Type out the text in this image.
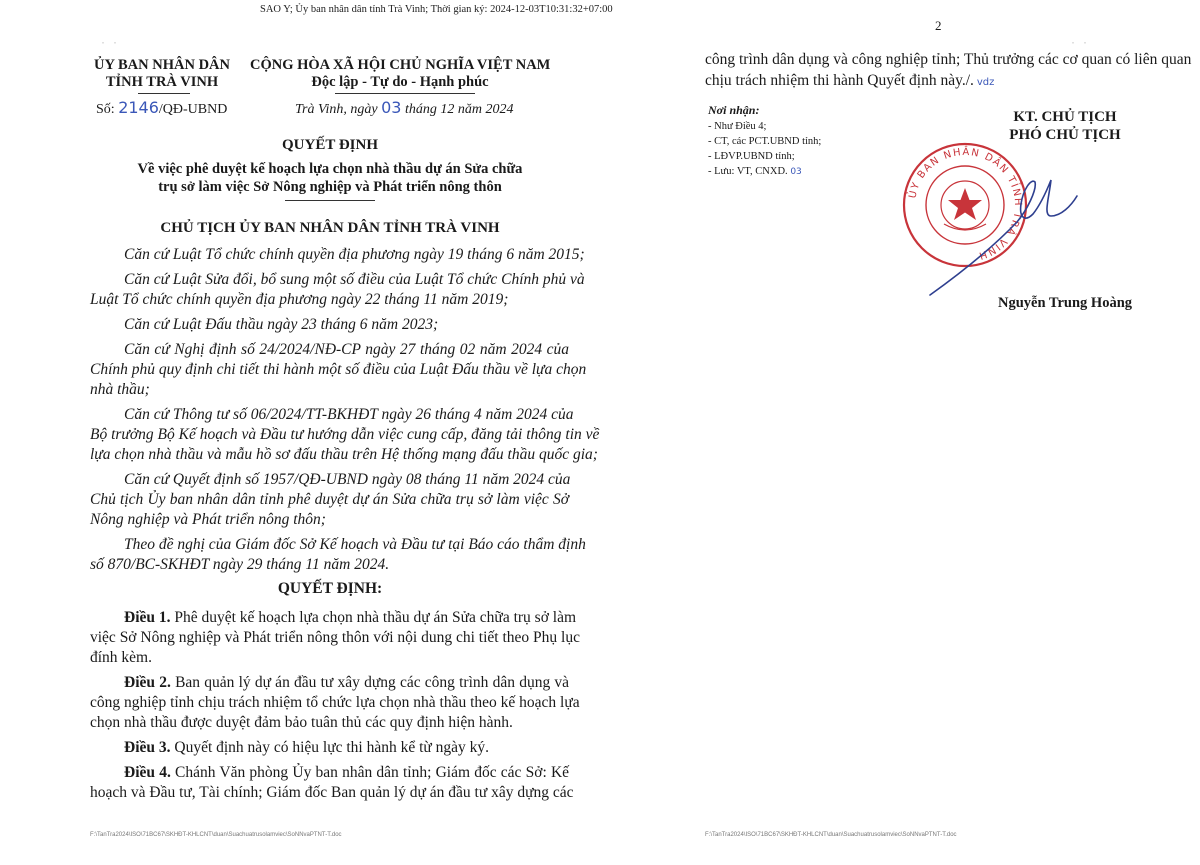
SAO Y; Ủy ban nhân dân tỉnh Trà Vinh; Thời gian ký: 2024-12-03T10:31:32+07:00
· ·	· ·
ỦY BAN NHÂN DÂN
TỈNH TRÀ VINH
Số: 2146/QĐ-UBND
CỘNG HÒA XÃ HỘI CHỦ NGHĨA VIỆT NAM
Độc lập - Tự do - Hạnh phúc
Trà Vinh, ngày 03 tháng 12 năm 2024
QUYẾT ĐỊNH
Về việc phê duyệt kế hoạch lựa chọn nhà thầu dự án Sửa chữa
trụ sở làm việc Sở Nông nghiệp và Phát triển nông thôn
CHỦ TỊCH ỦY BAN NHÂN DÂN TỈNH TRÀ VINH
Căn cứ Luật Tổ chức chính quyền địa phương ngày 19 tháng 6 năm 2015;
Căn cứ Luật Sửa đổi, bổ sung một số điều của Luật Tổ chức Chính phủ và
Luật Tổ chức chính quyền địa phương ngày 22 tháng 11 năm 2019;
Căn cứ Luật Đấu thầu ngày 23 tháng 6 năm 2023;
Căn cứ Nghị định số 24/2024/NĐ-CP ngày 27 tháng 02 năm 2024 của
Chính phủ quy định chi tiết thi hành một số điều của Luật Đấu thầu về lựa chọn
nhà thầu;
Căn cứ Thông tư số 06/2024/TT-BKHĐT ngày 26 tháng 4 năm 2024 của
Bộ trưởng Bộ Kế hoạch và Đầu tư hướng dẫn việc cung cấp, đăng tải thông tin về
lựa chọn nhà thầu và mẫu hồ sơ đấu thầu trên Hệ thống mạng đấu thầu quốc gia;
Căn cứ Quyết định số 1957/QĐ-UBND ngày 08 tháng 11 năm 2024 của
Chủ tịch Ủy ban nhân dân tỉnh phê duyệt dự án Sửa chữa trụ sở làm việc Sở
Nông nghiệp và Phát triển nông thôn;
Theo đề nghị của Giám đốc Sở Kế hoạch và Đầu tư tại Báo cáo thẩm định
số 870/BC-SKHĐT ngày 29 tháng 11 năm 2024.
QUYẾT ĐỊNH:
Điều 1. Phê duyệt kế hoạch lựa chọn nhà thầu dự án Sửa chữa trụ sở làm
việc Sở Nông nghiệp và Phát triển nông thôn với nội dung chi tiết theo Phụ lục
đính kèm.
Điều 2. Ban quản lý dự án đầu tư xây dựng các công trình dân dụng và
công nghiệp tỉnh chịu trách nhiệm tổ chức lựa chọn nhà thầu theo kế hoạch lựa
chọn nhà thầu được duyệt đảm bảo tuân thủ các quy định hiện hành.
Điều 3. Quyết định này có hiệu lực thi hành kể từ ngày ký.
Điều 4. Chánh Văn phòng Ủy ban nhân dân tỉnh; Giám đốc các Sở: Kế
hoạch và Đầu tư, Tài chính; Giám đốc Ban quản lý dự án đầu tư xây dựng các
F:\TanTra2024\ISO\71BC67\SKHĐT-KHLCNT\duan\Suachuatrusolamviec\SoNNvaPTNT-T.doc
2
công trình dân dụng và công nghiệp tỉnh; Thủ trưởng các cơ quan có liên quan
chịu trách nhiệm thi hành Quyết định này./. vdz
Nơi nhận:
- Như Điều 4;
- CT, các PCT.UBND tỉnh;
- LĐVP.UBND tỉnh;
- Lưu: VT, CNXD. 03
KT. CHỦ TỊCH
PHÓ CHỦ TỊCH
ỦY BAN NHÂN DÂN TỈNH TRÀ VINH
Nguyễn Trung Hoàng
F:\TanTra2024\ISO\71BC67\SKHĐT-KHLCNT\duan\Suachuatrusolamviec\SoNNvaPTNT-T.doc
